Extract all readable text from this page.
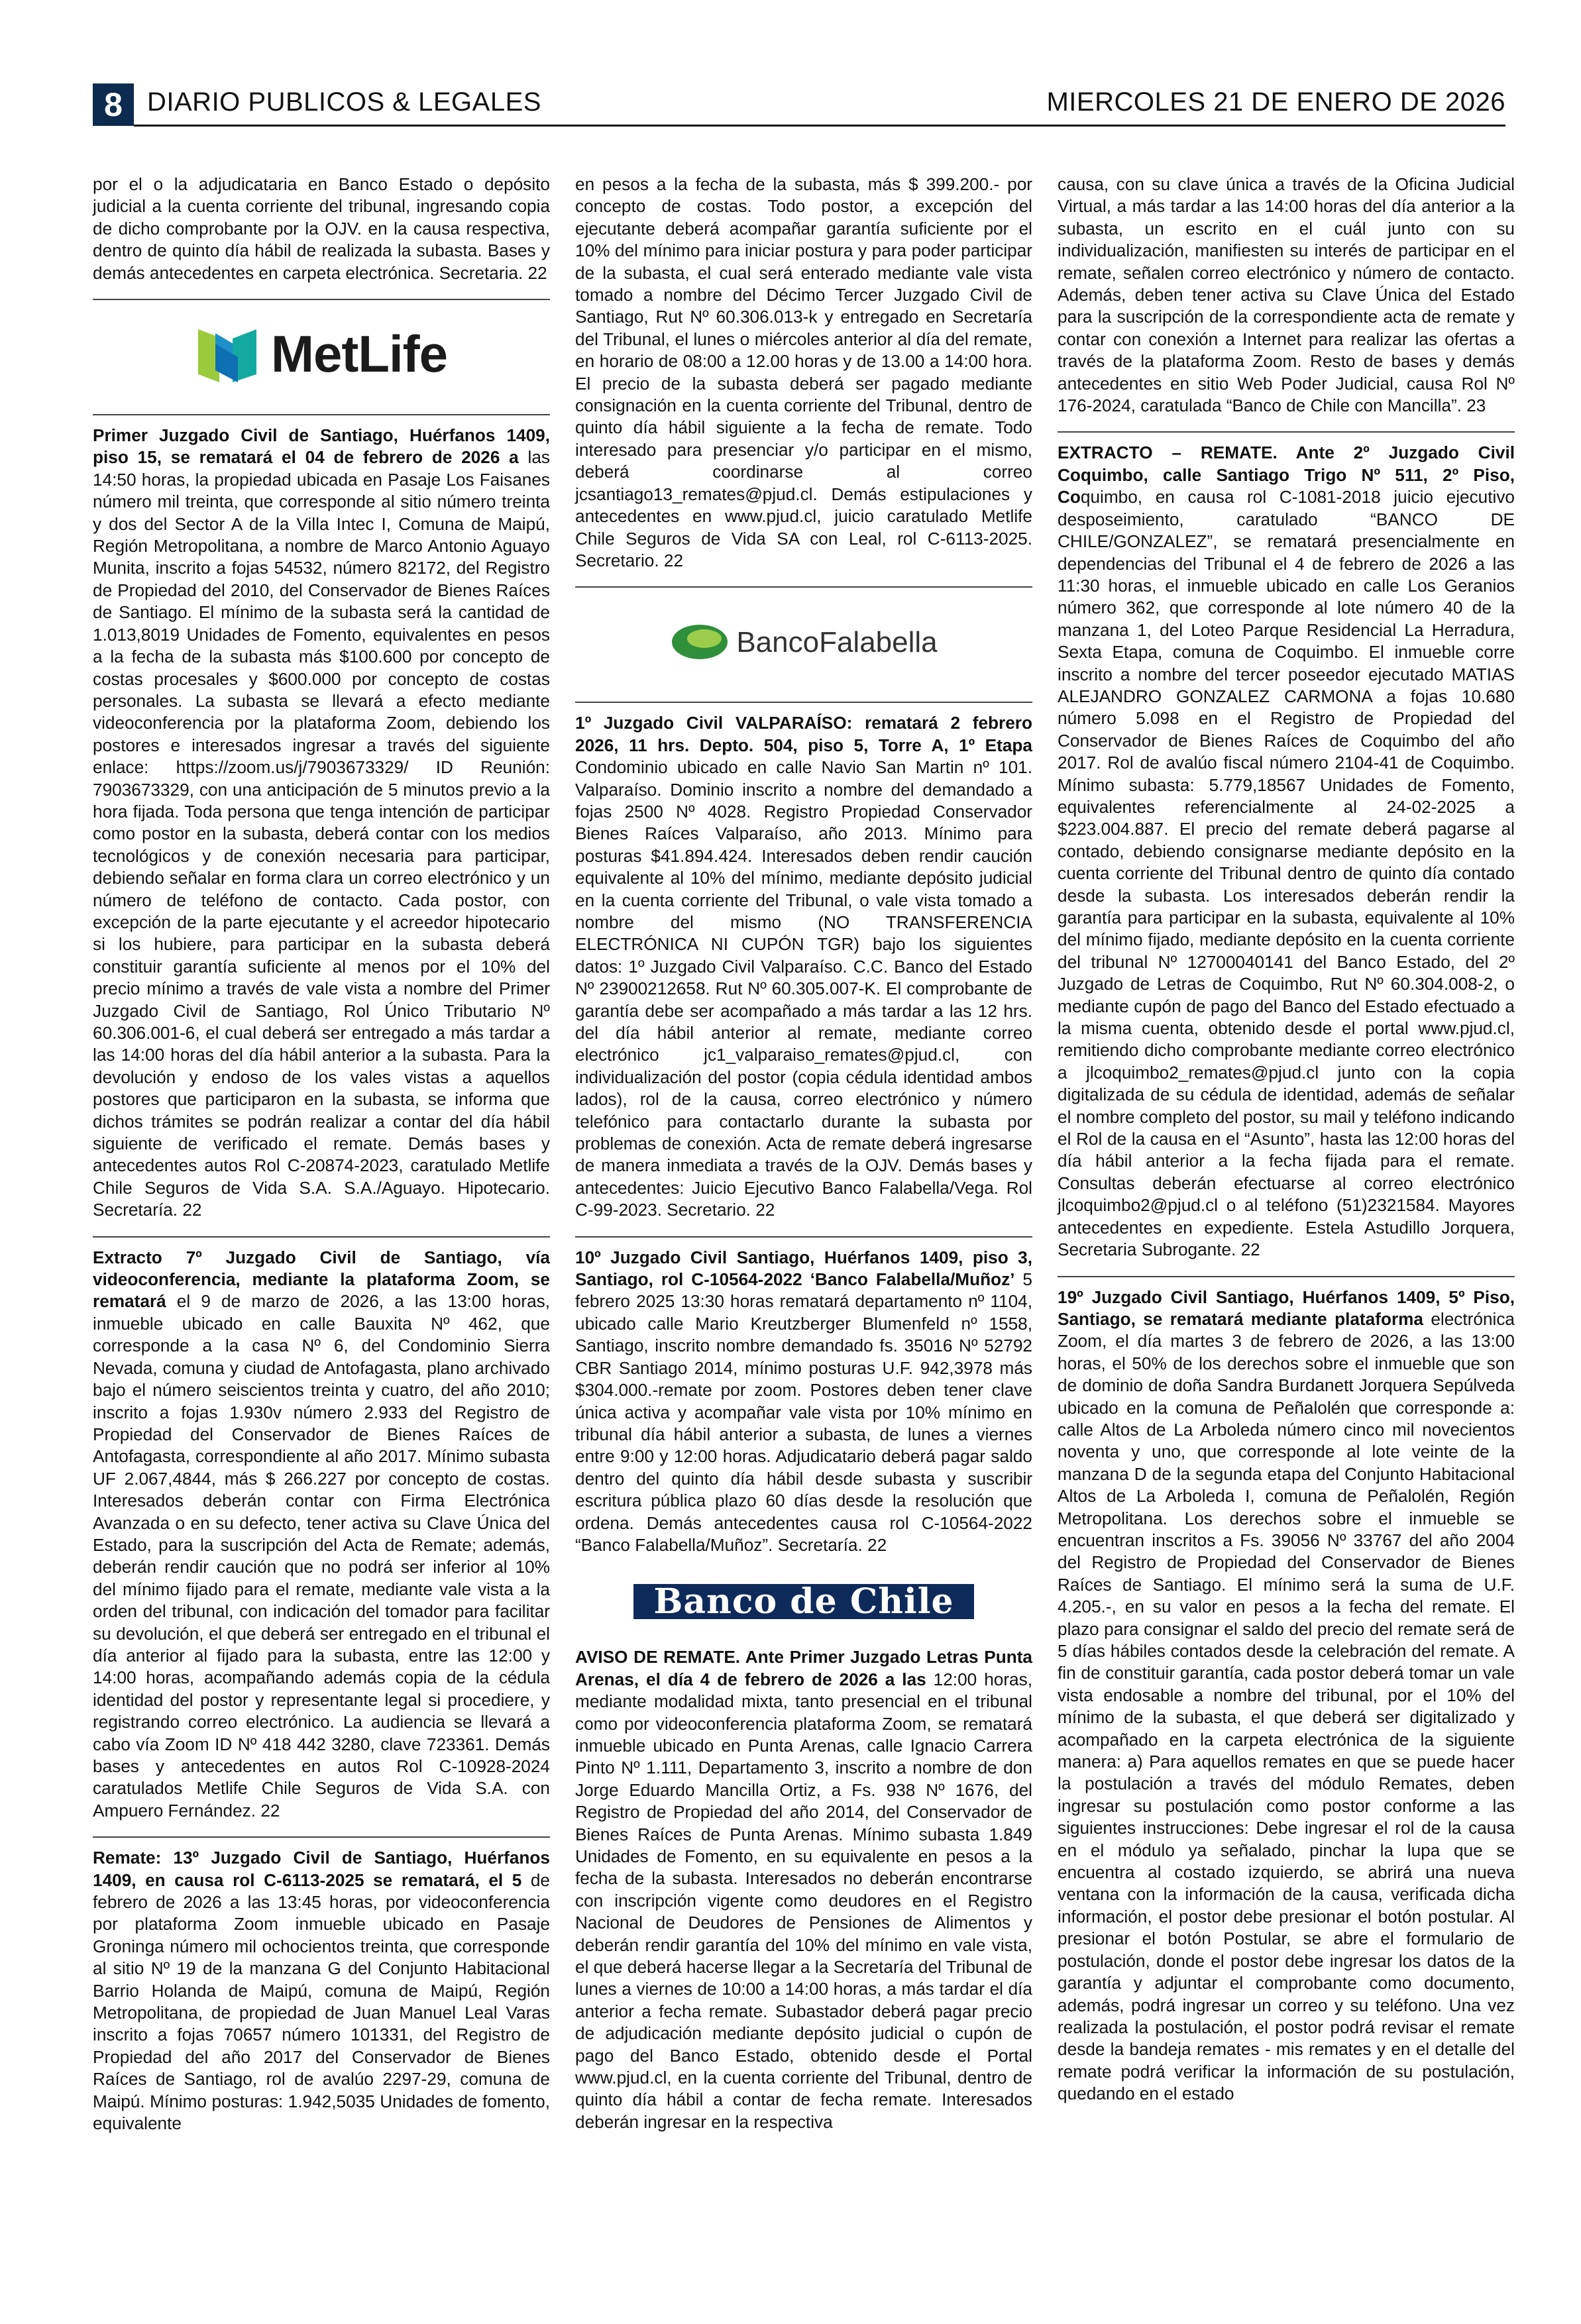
8 DIARIO PUBLICOS & LEGALES	MIERCOLES 21 DE ENERO DE 2026

por el o la adjudicataria en Banco Estado o depósito judicial a la cuenta corriente del tribunal, ingresando copia de dicho comprobante por la OJV. en la causa respectiva, dentro de quinto día hábil de realizada la subasta. Bases y demás antecedentes en carpeta electrónica. Secretaria. 22

MetLife

Primer Juzgado Civil de Santiago, Huérfanos 1409, piso 15, se rematará el 04 de febrero de 2026 a las 14:50 horas, la propiedad ubicada en Pasaje Los Faisanes número mil treinta, que corresponde al sitio número treinta y dos del Sector A de la Villa Intec I, Comuna de Maipú, Región Metropolitana, a nombre de Marco Antonio Aguayo Munita, inscrito a fojas 54532, número 82172, del Registro de Propiedad del 2010, del Conservador de Bienes Raíces de Santiago. El mínimo de la subasta será la cantidad de 1.013,8019 Unidades de Fomento, equivalentes en pesos a la fecha de la subasta más $100.600 por concepto de costas procesales y $600.000 por concepto de costas personales. La subasta se llevará a efecto mediante videoconferencia por la plataforma Zoom, debiendo los postores e interesados ingresar a través del siguiente enlace: https://zoom.us/j/7903673329/ ID Reunión: 7903673329, con una anticipación de 5 minutos previo a la hora fijada. Toda persona que tenga intención de participar como postor en la subasta, deberá contar con los medios tecnológicos y de conexión necesaria para participar, debiendo señalar en forma clara un correo electrónico y un número de teléfono de contacto. Cada postor, con excepción de la parte ejecutante y el acreedor hipotecario si los hubiere, para participar en la subasta deberá constituir garantía suficiente al menos por el 10% del precio mínimo a través de vale vista a nombre del Primer Juzgado Civil de Santiago, Rol Único Tributario Nº 60.306.001-6, el cual deberá ser entregado a más tardar a las 14:00 horas del día hábil anterior a la subasta. Para la devolución y endoso de los vales vistas a aquellos postores que participaron en la subasta, se informa que dichos trámites se podrán realizar a contar del día hábil siguiente de verificado el remate. Demás bases y antecedentes autos Rol C-20874-2023, caratulado Metlife Chile Seguros de Vida S.A. S.A./Aguayo. Hipotecario. Secretaría. 22

Extracto 7º Juzgado Civil de Santiago, vía videoconferencia, mediante la plataforma Zoom, se rematará el 9 de marzo de 2026, a las 13:00 horas, inmueble ubicado en calle Bauxita Nº 462, que corresponde a la casa Nº 6, del Condominio Sierra Nevada, comuna y ciudad de Antofagasta, plano archivado bajo el número seiscientos treinta y cuatro, del año 2010; inscrito a fojas 1.930v número 2.933 del Registro de Propiedad del Conservador de Bienes Raíces de Antofagasta, correspondiente al año 2017. Mínimo subasta UF 2.067,4844, más $ 266.227 por concepto de costas. Interesados deberán contar con Firma Electrónica Avanzada o en su defecto, tener activa su Clave Única del Estado, para la suscripción del Acta de Remate; además, deberán rendir caución que no podrá ser inferior al 10% del mínimo fijado para el remate, mediante vale vista a la orden del tribunal, con indicación del tomador para facilitar su devolución, el que deberá ser entregado en el tribunal el día anterior al fijado para la subasta, entre las 12:00 y 14:00 horas, acompañando además copia de la cédula identidad del postor y representante legal si procediere, y registrando correo electrónico. La audiencia se llevará a cabo vía Zoom ID Nº 418 442 3280, clave 723361. Demás bases y antecedentes en autos Rol C-10928-2024 caratulados Metlife Chile Seguros de Vida S.A. con Ampuero Fernández. 22

Remate: 13º Juzgado Civil de Santiago, Huérfanos 1409, en causa rol C-6113-2025 se rematará, el 5 de febrero de 2026 a las 13:45 horas, por videoconferencia por plataforma Zoom inmueble ubicado en Pasaje Groninga número mil ochocientos treinta, que corresponde al sitio Nº 19 de la manzana G del Conjunto Habitacional Barrio Holanda de Maipú, comuna de Maipú, Región Metropolitana, de propiedad de Juan Manuel Leal Varas inscrito a fojas 70657 número 101331, del Registro de Propiedad del año 2017 del Conservador de Bienes Raíces de Santiago, rol de avalúo 2297-29, comuna de Maipú. Mínimo posturas: 1.942,5035 Unidades de fomento, equivalente

en pesos a la fecha de la subasta, más $ 399.200.- por concepto de costas. Todo postor, a excepción del ejecutante deberá acompañar garantía suficiente por el 10% del mínimo para iniciar postura y para poder participar de la subasta, el cual será enterado mediante vale vista tomado a nombre del Décimo Tercer Juzgado Civil de Santiago, Rut Nº 60.306.013-k y entregado en Secretaría del Tribunal, el lunes o miércoles anterior al día del remate, en horario de 08:00 a 12.00 horas y de 13.00 a 14:00 hora. El precio de la subasta deberá ser pagado mediante consignación en la cuenta corriente del Tribunal, dentro de quinto día hábil siguiente a la fecha de remate. Todo interesado para presenciar y/o participar en el mismo, deberá coordinarse al correo jcsantiago13_remates@pjud.cl. Demás estipulaciones y antecedentes en www.pjud.cl, juicio caratulado Metlife Chile Seguros de Vida SA con Leal, rol C-6113-2025. Secretario. 22

BancoFalabella

1º Juzgado Civil VALPARAÍSO: rematará 2 febrero 2026, 11 hrs. Depto. 504, piso 5, Torre A, 1º Etapa Condominio ubicado en calle Navio San Martin nº 101. Valparaíso. Dominio inscrito a nombre del demandado a fojas 2500 Nº 4028. Registro Propiedad Conservador Bienes Raíces Valparaíso, año 2013. Mínimo para posturas $41.894.424. Interesados deben rendir caución equivalente al 10% del mínimo, mediante depósito judicial en la cuenta corriente del Tribunal, o vale vista tomado a nombre del mismo (NO TRANSFERENCIA ELECTRÓNICA NI CUPÓN TGR) bajo los siguientes datos: 1º Juzgado Civil Valparaíso. C.C. Banco del Estado Nº 23900212658. Rut Nº 60.305.007-K. El comprobante de garantía debe ser acompañado a más tardar a las 12 hrs. del día hábil anterior al remate, mediante correo electrónico jc1_valparaiso_remates@pjud.cl, con individualización del postor (copia cédula identidad ambos lados), rol de la causa, correo electrónico y número telefónico para contactarlo durante la subasta por problemas de conexión. Acta de remate deberá ingresarse de manera inmediata a través de la OJV. Demás bases y antecedentes: Juicio Ejecutivo Banco Falabella/Vega. Rol C-99-2023. Secretario. 22

10º Juzgado Civil Santiago, Huérfanos 1409, piso 3, Santiago, rol C-10564-2022 ‘Banco Falabella/Muñoz’ 5 febrero 2025 13:30 horas rematará departamento nº 1104, ubicado calle Mario Kreutzberger Blumenfeld nº 1558, Santiago, inscrito nombre demandado fs. 35016 Nº 52792 CBR Santiago 2014, mínimo posturas U.F. 942,3978 más $304.000.-remate por zoom. Postores deben tener clave única activa y acompañar vale vista por 10% mínimo en tribunal día hábil anterior a subasta, de lunes a viernes entre 9:00 y 12:00 horas. Adjudicatario deberá pagar saldo dentro del quinto día hábil desde subasta y suscribir escritura pública plazo 60 días desde la resolución que ordena. Demás antecedentes causa rol C-10564-2022 “Banco Falabella/Muñoz”. Secretaría. 22

Banco de Chile

AVISO DE REMATE. Ante Primer Juzgado Letras Punta Arenas, el día 4 de febrero de 2026 a las 12:00 horas, mediante modalidad mixta, tanto presencial en el tribunal como por videoconferencia plataforma Zoom, se rematará inmueble ubicado en Punta Arenas, calle Ignacio Carrera Pinto Nº 1.111, Departamento 3, inscrito a nombre de don Jorge Eduardo Mancilla Ortiz, a Fs. 938 Nº 1676, del Registro de Propiedad del año 2014, del Conservador de Bienes Raíces de Punta Arenas. Mínimo subasta 1.849 Unidades de Fomento, en su equivalente en pesos a la fecha de la subasta. Interesados no deberán encontrarse con inscripción vigente como deudores en el Registro Nacional de Deudores de Pensiones de Alimentos y deberán rendir garantía del 10% del mínimo en vale vista, el que deberá hacerse llegar a la Secretaría del Tribunal de lunes a viernes de 10:00 a 14:00 horas, a más tardar el día anterior a fecha remate. Subastador deberá pagar precio de adjudicación mediante depósito judicial o cupón de pago del Banco Estado, obtenido desde el Portal www.pjud.cl, en la cuenta corriente del Tribunal, dentro de quinto día hábil a contar de fecha remate. Interesados deberán ingresar en la respectiva

causa, con su clave única a través de la Oficina Judicial Virtual, a más tardar a las 14:00 horas del día anterior a la subasta, un escrito en el cuál junto con su individualización, manifiesten su interés de participar en el remate, señalen correo electrónico y número de contacto. Además, deben tener activa su Clave Única del Estado para la suscripción de la correspondiente acta de remate y contar con conexión a Internet para realizar las ofertas a través de la plataforma Zoom. Resto de bases y demás antecedentes en sitio Web Poder Judicial, causa Rol Nº 176-2024, caratulada “Banco de Chile con Mancilla”. 23

EXTRACTO – REMATE. Ante 2º Juzgado Civil Coquimbo, calle Santiago Trigo Nº 511, 2º Piso, Coquimbo, en causa rol C-1081-2018 juicio ejecutivo desposeimiento, caratulado “BANCO DE CHILE/GONZALEZ”, se rematará presencialmente en dependencias del Tribunal el 4 de febrero de 2026 a las 11:30 horas, el inmueble ubicado en calle Los Geranios número 362, que corresponde al lote número 40 de la manzana 1, del Loteo Parque Residencial La Herradura, Sexta Etapa, comuna de Coquimbo. El inmueble corre inscrito a nombre del tercer poseedor ejecutado MATIAS ALEJANDRO GONZALEZ CARMONA a fojas 10.680 número 5.098 en el Registro de Propiedad del Conservador de Bienes Raíces de Coquimbo del año 2017. Rol de avalúo fiscal número 2104-41 de Coquimbo. Mínimo subasta: 5.779,18567 Unidades de Fomento, equivalentes referencialmente al 24-02-2025 a $223.004.887. El precio del remate deberá pagarse al contado, debiendo consignarse mediante depósito en la cuenta corriente del Tribunal dentro de quinto día contado desde la subasta. Los interesados deberán rendir la garantía para participar en la subasta, equivalente al 10% del mínimo fijado, mediante depósito en la cuenta corriente del tribunal Nº 12700040141 del Banco Estado, del 2º Juzgado de Letras de Coquimbo, Rut Nº 60.304.008-2, o mediante cupón de pago del Banco del Estado efectuado a la misma cuenta, obtenido desde el portal www.pjud.cl, remitiendo dicho comprobante mediante correo electrónico a jlcoquimbo2_remates@pjud.cl junto con la copia digitalizada de su cédula de identidad, además de señalar el nombre completo del postor, su mail y teléfono indicando el Rol de la causa en el “Asunto”, hasta las 12:00 horas del día hábil anterior a la fecha fijada para el remate. Consultas deberán efectuarse al correo electrónico jlcoquimbo2@pjud.cl o al teléfono (51)2321584. Mayores antecedentes en expediente. Estela Astudillo Jorquera, Secretaria Subrogante. 22

19º Juzgado Civil Santiago, Huérfanos 1409, 5º Piso, Santiago, se rematará mediante plataforma electrónica Zoom, el día martes 3 de febrero de 2026, a las 13:00 horas, el 50% de los derechos sobre el inmueble que son de dominio de doña Sandra Burdanett Jorquera Sepúlveda ubicado en la comuna de Peñalolén que corresponde a: calle Altos de La Arboleda número cinco mil novecientos noventa y uno, que corresponde al lote veinte de la manzana D de la segunda etapa del Conjunto Habitacional Altos de La Arboleda I, comuna de Peñalolén, Región Metropolitana. Los derechos sobre el inmueble se encuentran inscritos a Fs. 39056 Nº 33767 del año 2004 del Registro de Propiedad del Conservador de Bienes Raíces de Santiago. El mínimo será la suma de U.F. 4.205.-, en su valor en pesos a la fecha del remate. El plazo para consignar el saldo del precio del remate será de 5 días hábiles contados desde la celebración del remate. A fin de constituir garantía, cada postor deberá tomar un vale vista endosable a nombre del tribunal, por el 10% del mínimo de la subasta, el que deberá ser digitalizado y acompañado en la carpeta electrónica de la siguiente manera: a) Para aquellos remates en que se puede hacer la postulación a través del módulo Remates, deben ingresar su postulación como postor conforme a las siguientes instrucciones: Debe ingresar el rol de la causa en el módulo ya señalado, pinchar la lupa que se encuentra al costado izquierdo, se abrirá una nueva ventana con la información de la causa, verificada dicha información, el postor debe presionar el botón postular. Al presionar el botón Postular, se abre el formulario de postulación, donde el postor debe ingresar los datos de la garantía y adjuntar el comprobante como documento, además, podrá ingresar un correo y su teléfono. Una vez realizada la postulación, el postor podrá revisar el remate desde la bandeja remates - mis remates y en el detalle del remate podrá verificar la información de su postulación, quedando en el estado
